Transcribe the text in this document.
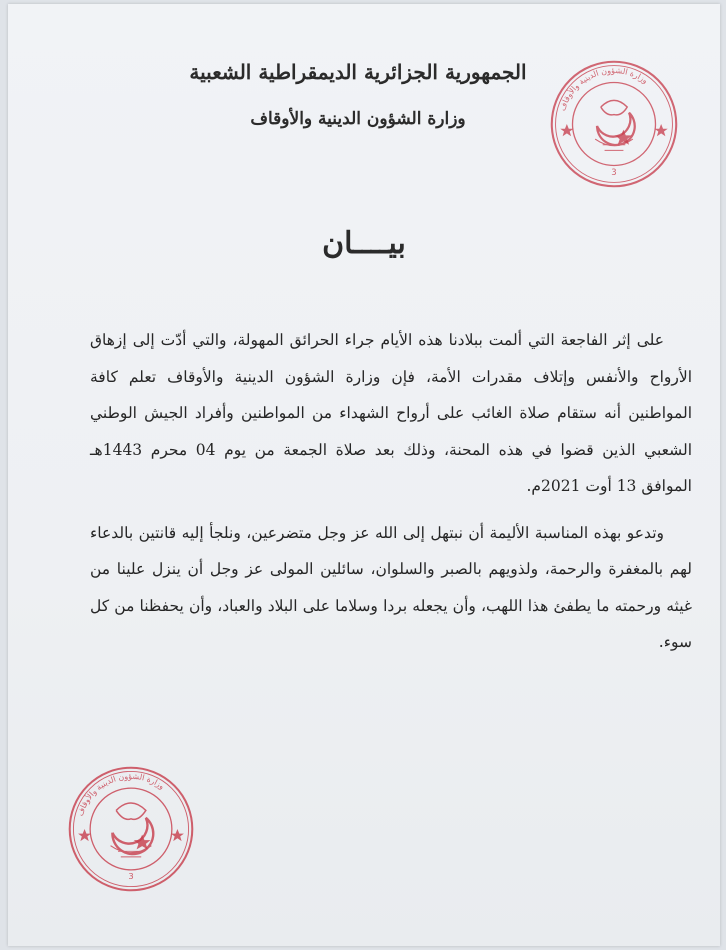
الجمهورية الجزائرية الديمقراطية الشعبية
وزارة الشؤون الدينية والأوقاف
وزارة الشؤون الدينية والأوقاف
3
بيــــان

على إثر الفاجعة التي ألمت ببلادنا هذه الأيام جراء الحرائق المهولة، والتي أدّت إلى إزهاق الأرواح والأنفس وإتلاف مقدرات الأمة، فإن وزارة الشؤون الدينية والأوقاف تعلم كافة المواطنين أنه ستقام صلاة الغائب على أرواح الشهداء من المواطنين وأفراد الجيش الوطني الشعبي الذين قضوا في هذه المحنة، وذلك بعد صلاة الجمعة من يوم 04 محرم 1443هـ الموافق 13 أوت 2021م.

وتدعو بهذه المناسبة الأليمة أن نبتهل إلى الله عز وجل متضرعين، ونلجأ إليه قانتين بالدعاء لهم بالمغفرة والرحمة، ولذويهم بالصبر والسلوان، سائلين المولى عز وجل أن ينزل علينا من غيثه ورحمته ما يطفئ هذا اللهب، وأن يجعله بردا وسلاما على البلاد والعباد، وأن يحفظنا من كل سوء.

وزارة الشؤون الدينية والأوقاف
3
